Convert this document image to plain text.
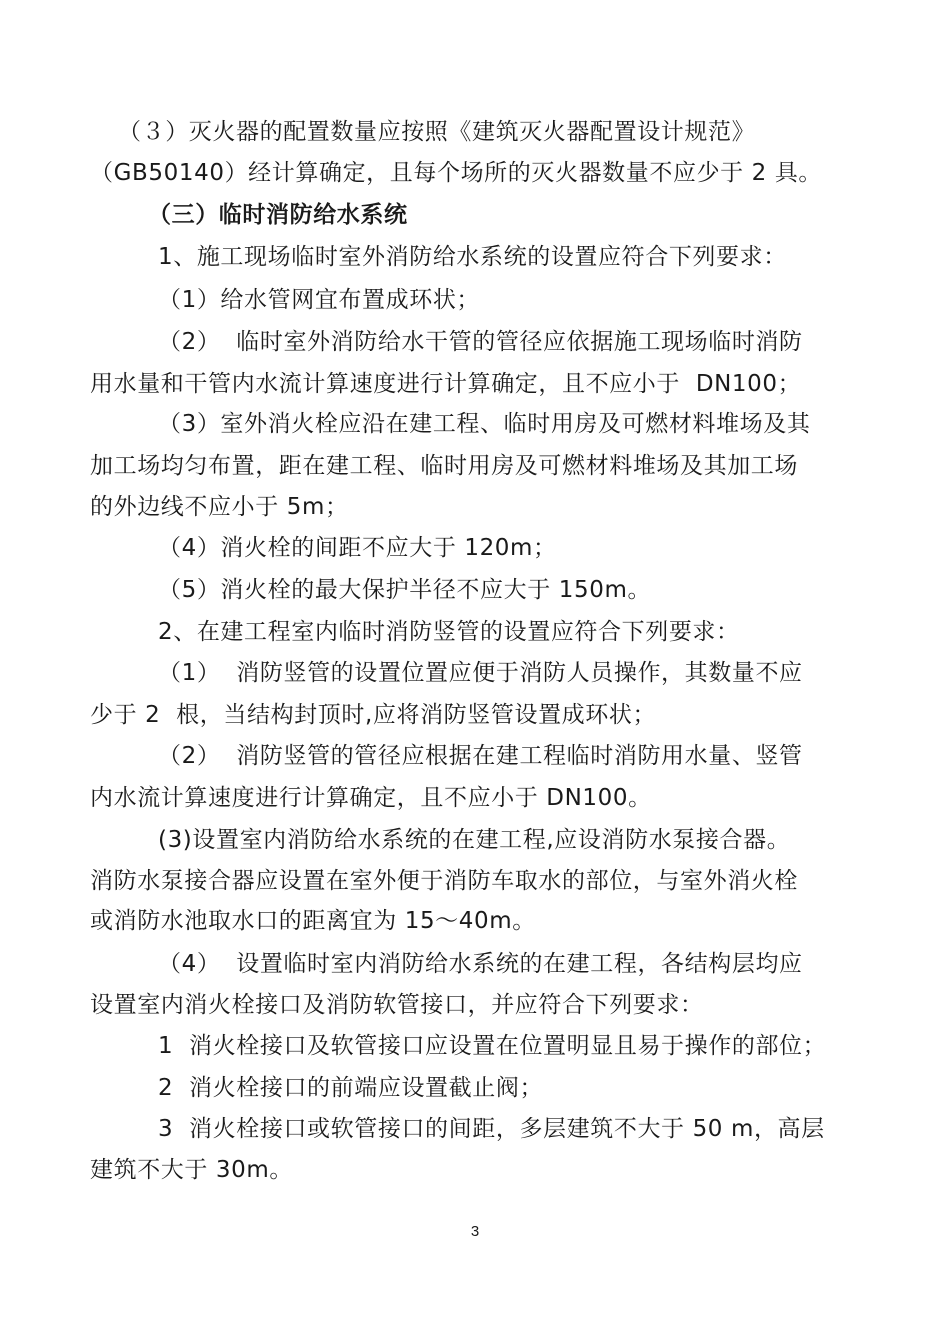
（３）灭火器的配置数量应按照《建筑灭火器配置设计规范》
（GB50140）经计算确定，且每个场所的灭火器数量不应少于 2 具。
（三）临时消防给水系统
1、施工现场临时室外消防给水系统的设置应符合下列要求：
（1）给水管网宜布置成环状；
（2）  临时室外消防给水干管的管径应依据施工现场临时消防
用水量和干管内水流计算速度进行计算确定，且不应小于  DN100；
（3）室外消火栓应沿在建工程、临时用房及可燃材料堆场及其
加工场均匀布置，距在建工程、临时用房及可燃材料堆场及其加工场
的外边线不应小于 5m；
（4）消火栓的间距不应大于 120m；
（5）消火栓的最大保护半径不应大于 150m。
2、在建工程室内临时消防竖管的设置应符合下列要求：
（1）  消防竖管的设置位置应便于消防人员操作，其数量不应
少于 2  根，当结构封顶时,应将消防竖管设置成环状；
（2）  消防竖管的管径应根据在建工程临时消防用水量、竖管
内水流计算速度进行计算确定，且不应小于 DN100。
(3)设置室内消防给水系统的在建工程,应设消防水泵接合器。
消防水泵接合器应设置在室外便于消防车取水的部位，与室外消火栓
或消防水池取水口的距离宜为 15～40m。
（4）  设置临时室内消防给水系统的在建工程，各结构层均应
设置室内消火栓接口及消防软管接口，并应符合下列要求：
1  消火栓接口及软管接口应设置在位置明显且易于操作的部位；
2  消火栓接口的前端应设置截止阀；
3  消火栓接口或软管接口的间距，多层建筑不大于 50 m，高层
建筑不大于 30m。
3
